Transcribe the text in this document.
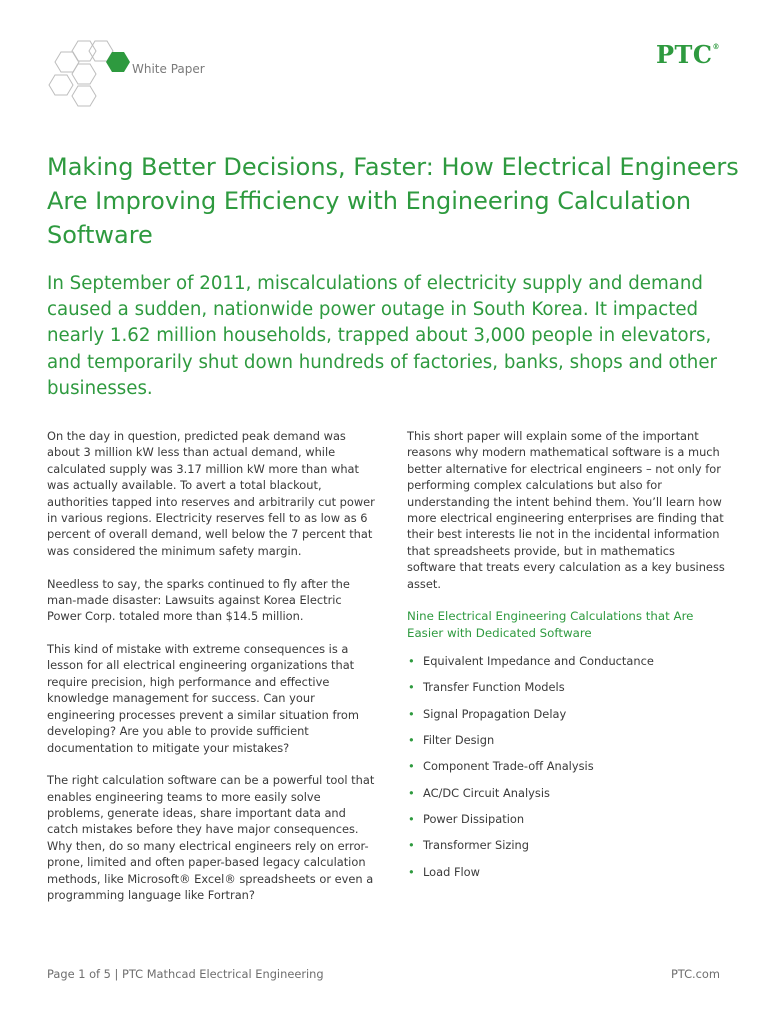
White Paper	PTC®
Making Better Decisions, Faster: How Electrical Engineers Are Improving Efficiency with Engineering Calculation Software

In September of 2011, miscalculations of electricity supply and demand caused a sudden, nationwide power outage in South Korea. It impacted nearly 1.62 million households, trapped about 3,000 people in elevators, and temporarily shut down hundreds of factories, banks, shops and other businesses.

On the day in question, predicted peak demand was about 3 million kW less than actual demand, while calculated supply was 3.17 million kW more than what was actually available. To avert a total blackout, authorities tapped into reserves and arbitrarily cut power in various regions. Electricity reserves fell to as low as 6 percent of overall demand, well below the 7 percent that was considered the minimum safety margin.

Needless to say, the sparks continued to fly after the man-made disaster: Lawsuits against Korea Electric Power Corp. totaled more than $14.5 million.

This kind of mistake with extreme consequences is a lesson for all electrical engineering organizations that require precision, high performance and effective knowledge management for success. Can your engineering processes prevent a similar situation from developing? Are you able to provide sufficient documentation to mitigate your mistakes?

The right calculation software can be a powerful tool that enables engineering teams to more easily solve problems, generate ideas, share important data and catch mistakes before they have major consequences. Why then, do so many electrical engineers rely on error-prone, limited and often paper-based legacy calculation methods, like Microsoft® Excel® spreadsheets or even a programming language like Fortran?

This short paper will explain some of the important reasons why modern mathematical software is a much better alternative for electrical engineers – not only for performing complex calculations but also for understanding the intent behind them. You’ll learn how more electrical engineering enterprises are finding that their best interests lie not in the incidental information that spreadsheets provide, but in mathematics software that treats every calculation as a key business asset.

Nine Electrical Engineering Calculations that Are Easier with Dedicated Software
• Equivalent Impedance and Conductance
• Transfer Function Models
• Signal Propagation Delay
• Filter Design
• Component Trade-off Analysis
• AC/DC Circuit Analysis
• Power Dissipation
• Transformer Sizing
• Load Flow
Page 1 of 5 | PTC Mathcad Electrical Engineering	PTC.com
